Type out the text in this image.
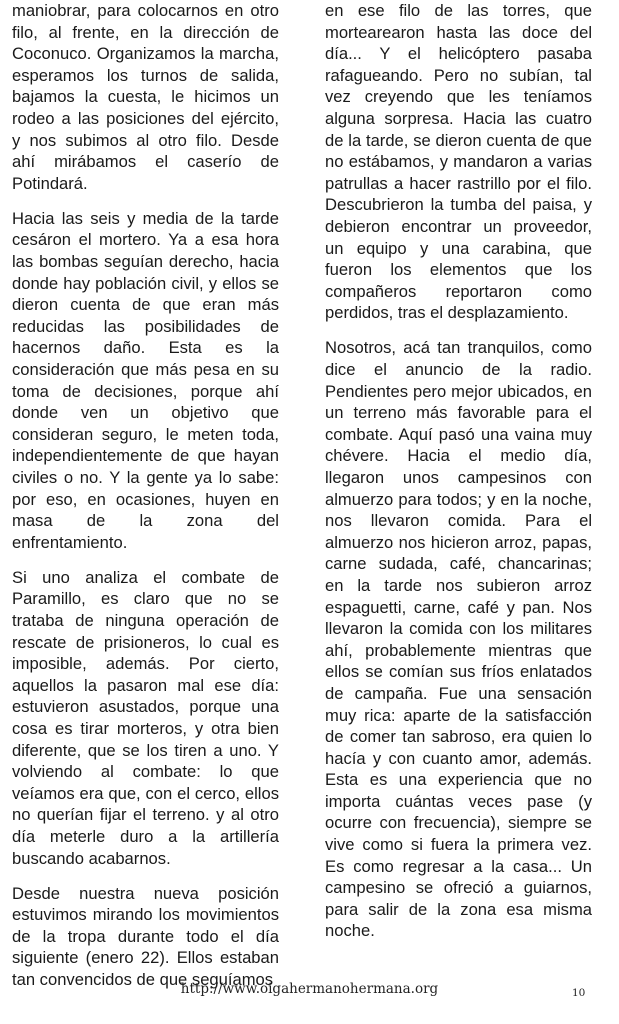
maniobrar, para colocarnos en otro filo, al frente, en la dirección de Coconuco. Organizamos la marcha, esperamos los turnos de salida, bajamos la cuesta, le hicimos un rodeo a las posiciones del ejército, y nos subimos al otro filo. Desde ahí mirábamos el caserío de Potindará.

Hacia las seis y media de la tarde cesáron el mortero. Ya a esa hora las bombas seguían derecho, hacia donde hay población civil, y ellos se dieron cuenta de que eran más reducidas las posibilidades de hacernos daño. Esta es la consideración que más pesa en su toma de decisiones, porque ahí donde ven un objetivo que consideran seguro, le meten toda, independientemente de que hayan civiles o no. Y la gente ya lo sabe: por eso, en ocasiones, huyen en masa de la zona del enfrentamiento.

Si uno analiza el combate de Paramillo, es claro que no se trataba de ninguna operación de rescate de prisioneros, lo cual es imposible, además. Por cierto, aquellos la pasaron mal ese día: estuvieron asustados, porque una cosa es tirar morteros, y otra bien diferente, que se los tiren a uno. Y volviendo al combate: lo que veíamos era que, con el cerco, ellos no querían fijar el terreno. y al otro día meterle duro a la artillería buscando acabarnos.

Desde nuestra nueva posición estuvimos mirando los movimientos de la tropa durante todo el día siguiente (enero 22). Ellos estaban tan convencidos de que seguíamos

en ese filo de las torres, que mortearearon hasta las doce del día... Y el helicóptero pasaba rafagueando. Pero no subían, tal vez creyendo que les teníamos alguna sorpresa. Hacia las cuatro de la tarde, se dieron cuenta de que no estábamos, y mandaron a varias patrullas a hacer rastrillo por el filo. Descubrieron la tumba del paisa, y debieron encontrar un proveedor, un equipo y una carabina, que fueron los elementos que los compañeros reportaron como perdidos, tras el desplazamiento.

Nosotros, acá tan tranquilos, como dice el anuncio de la radio. Pendientes pero mejor ubicados, en un terreno más favorable para el combate. Aquí pasó una vaina muy chévere. Hacia el medio día, llegaron unos campesinos con almuerzo para todos; y en la noche, nos llevaron comida. Para el almuerzo nos hicieron arroz, papas, carne sudada, café, chancarinas; en la tarde nos subieron arroz espaguetti, carne, café y pan. Nos llevaron la comida con los militares ahí, probablemente mientras que ellos se comían sus fríos enlatados de campaña. Fue una sensación muy rica: aparte de la satisfacción de comer tan sabroso, era quien lo hacía y con cuanto amor, además. Esta es una experiencia que no importa cuántas veces pase (y ocurre con frecuencia), siempre se vive como si fuera la primera vez. Es como regresar a la casa... Un campesino se ofreció a guiarnos, para salir de la zona esa misma noche.

http://www.oigahermanohermana.org	10
